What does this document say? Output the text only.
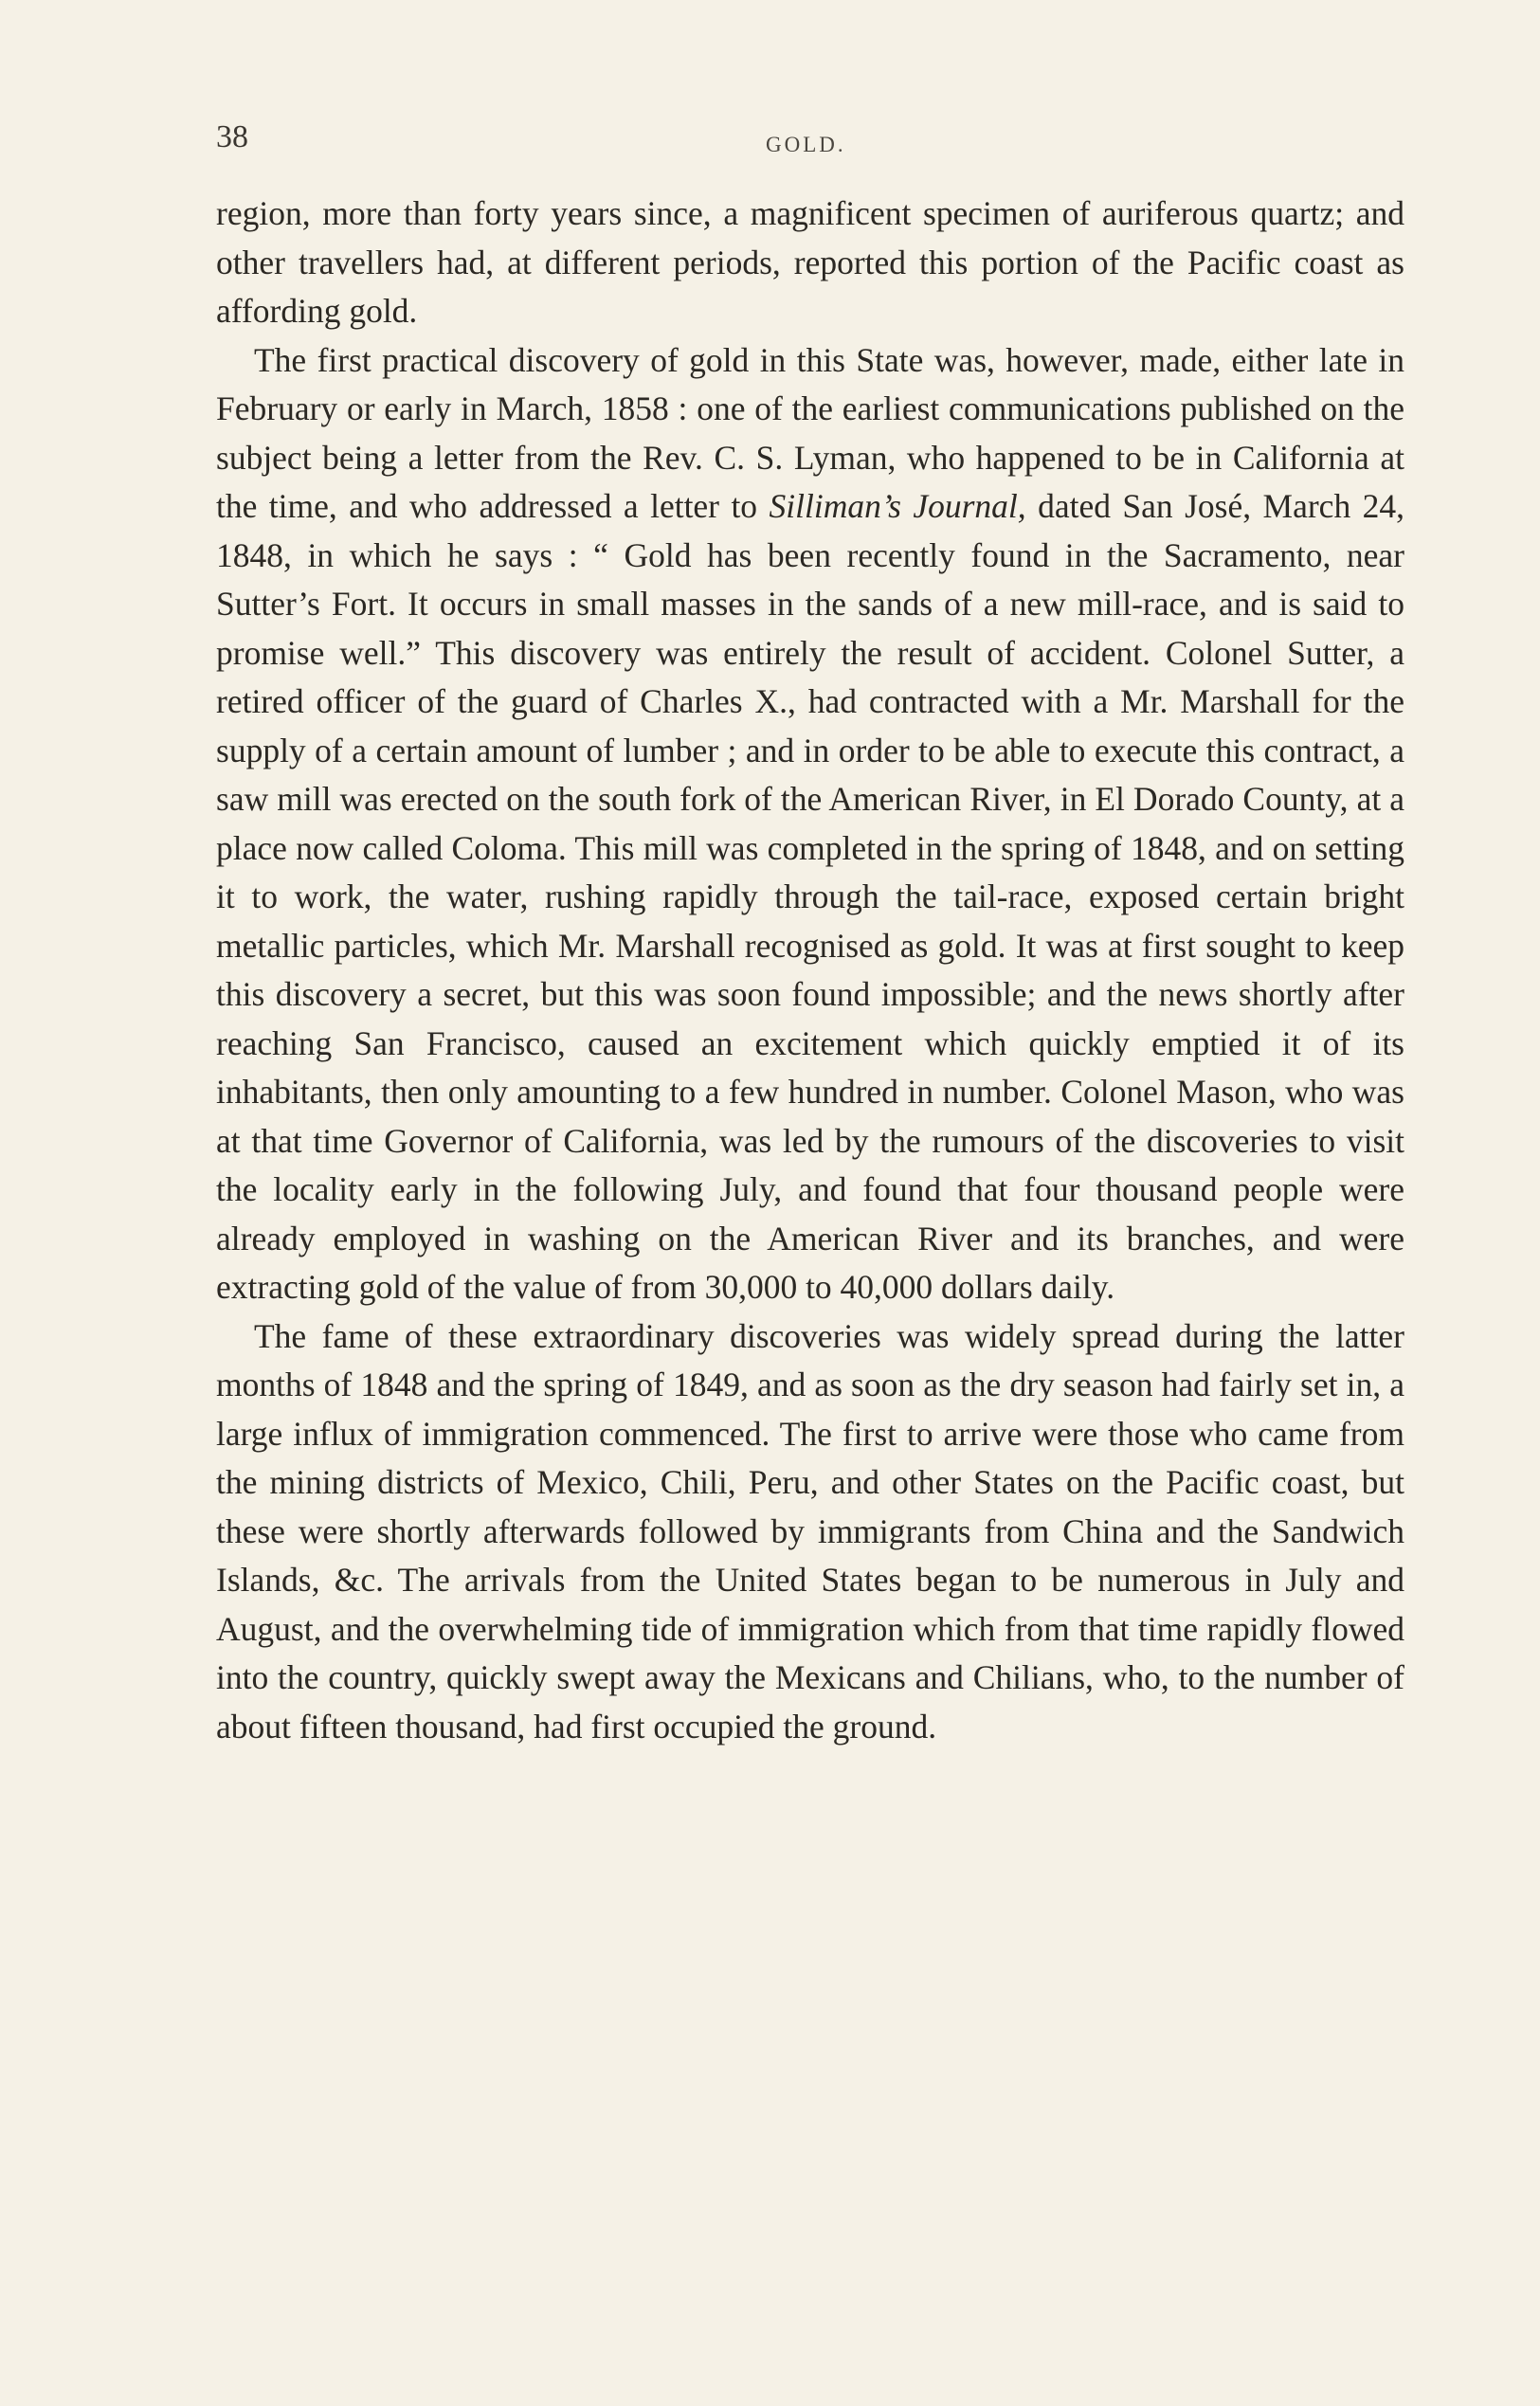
38	GOLD.

region, more than forty years since, a magnificent specimen of auriferous quartz; and other travellers had, at different periods, reported this portion of the Pacific coast as affording gold.

The first practical discovery of gold in this State was, however, made, either late in February or early in March, 1858 : one of the earliest communications published on the subject being a letter from the Rev. C. S. Lyman, who happened to be in California at the time, and who addressed a letter to Silliman’s Journal, dated San José, March 24, 1848, in which he says : “ Gold has been recently found in the Sacramento, near Sutter’s Fort. It occurs in small masses in the sands of a new mill-race, and is said to promise well.” This discovery was entirely the result of accident. Colonel Sutter, a retired officer of the guard of Charles X., had contracted with a Mr. Marshall for the supply of a certain amount of lumber ; and in order to be able to execute this contract, a saw mill was erected on the south fork of the American River, in El Dorado County, at a place now called Coloma. This mill was completed in the spring of 1848, and on setting it to work, the water, rushing rapidly through the tail-race, exposed certain bright metallic particles, which Mr. Marshall recognised as gold. It was at first sought to keep this discovery a secret, but this was soon found impossible; and the news shortly after reaching San Francisco, caused an excitement which quickly emptied it of its inhabitants, then only amounting to a few hundred in number. Colonel Mason, who was at that time Governor of California, was led by the rumours of the discoveries to visit the locality early in the following July, and found that four thousand people were already employed in washing on the American River and its branches, and were extracting gold of the value of from 30,000 to 40,000 dollars daily.

The fame of these extraordinary discoveries was widely spread during the latter months of 1848 and the spring of 1849, and as soon as the dry season had fairly set in, a large influx of immigration commenced. The first to arrive were those who came from the mining districts of Mexico, Chili, Peru, and other States on the Pacific coast, but these were shortly afterwards followed by immigrants from China and the Sandwich Islands, &c. The arrivals from the United States began to be numerous in July and August, and the overwhelming tide of immigration which from that time rapidly flowed into the country, quickly swept away the Mexicans and Chilians, who, to the number of about fifteen thousand, had first occupied the ground.
